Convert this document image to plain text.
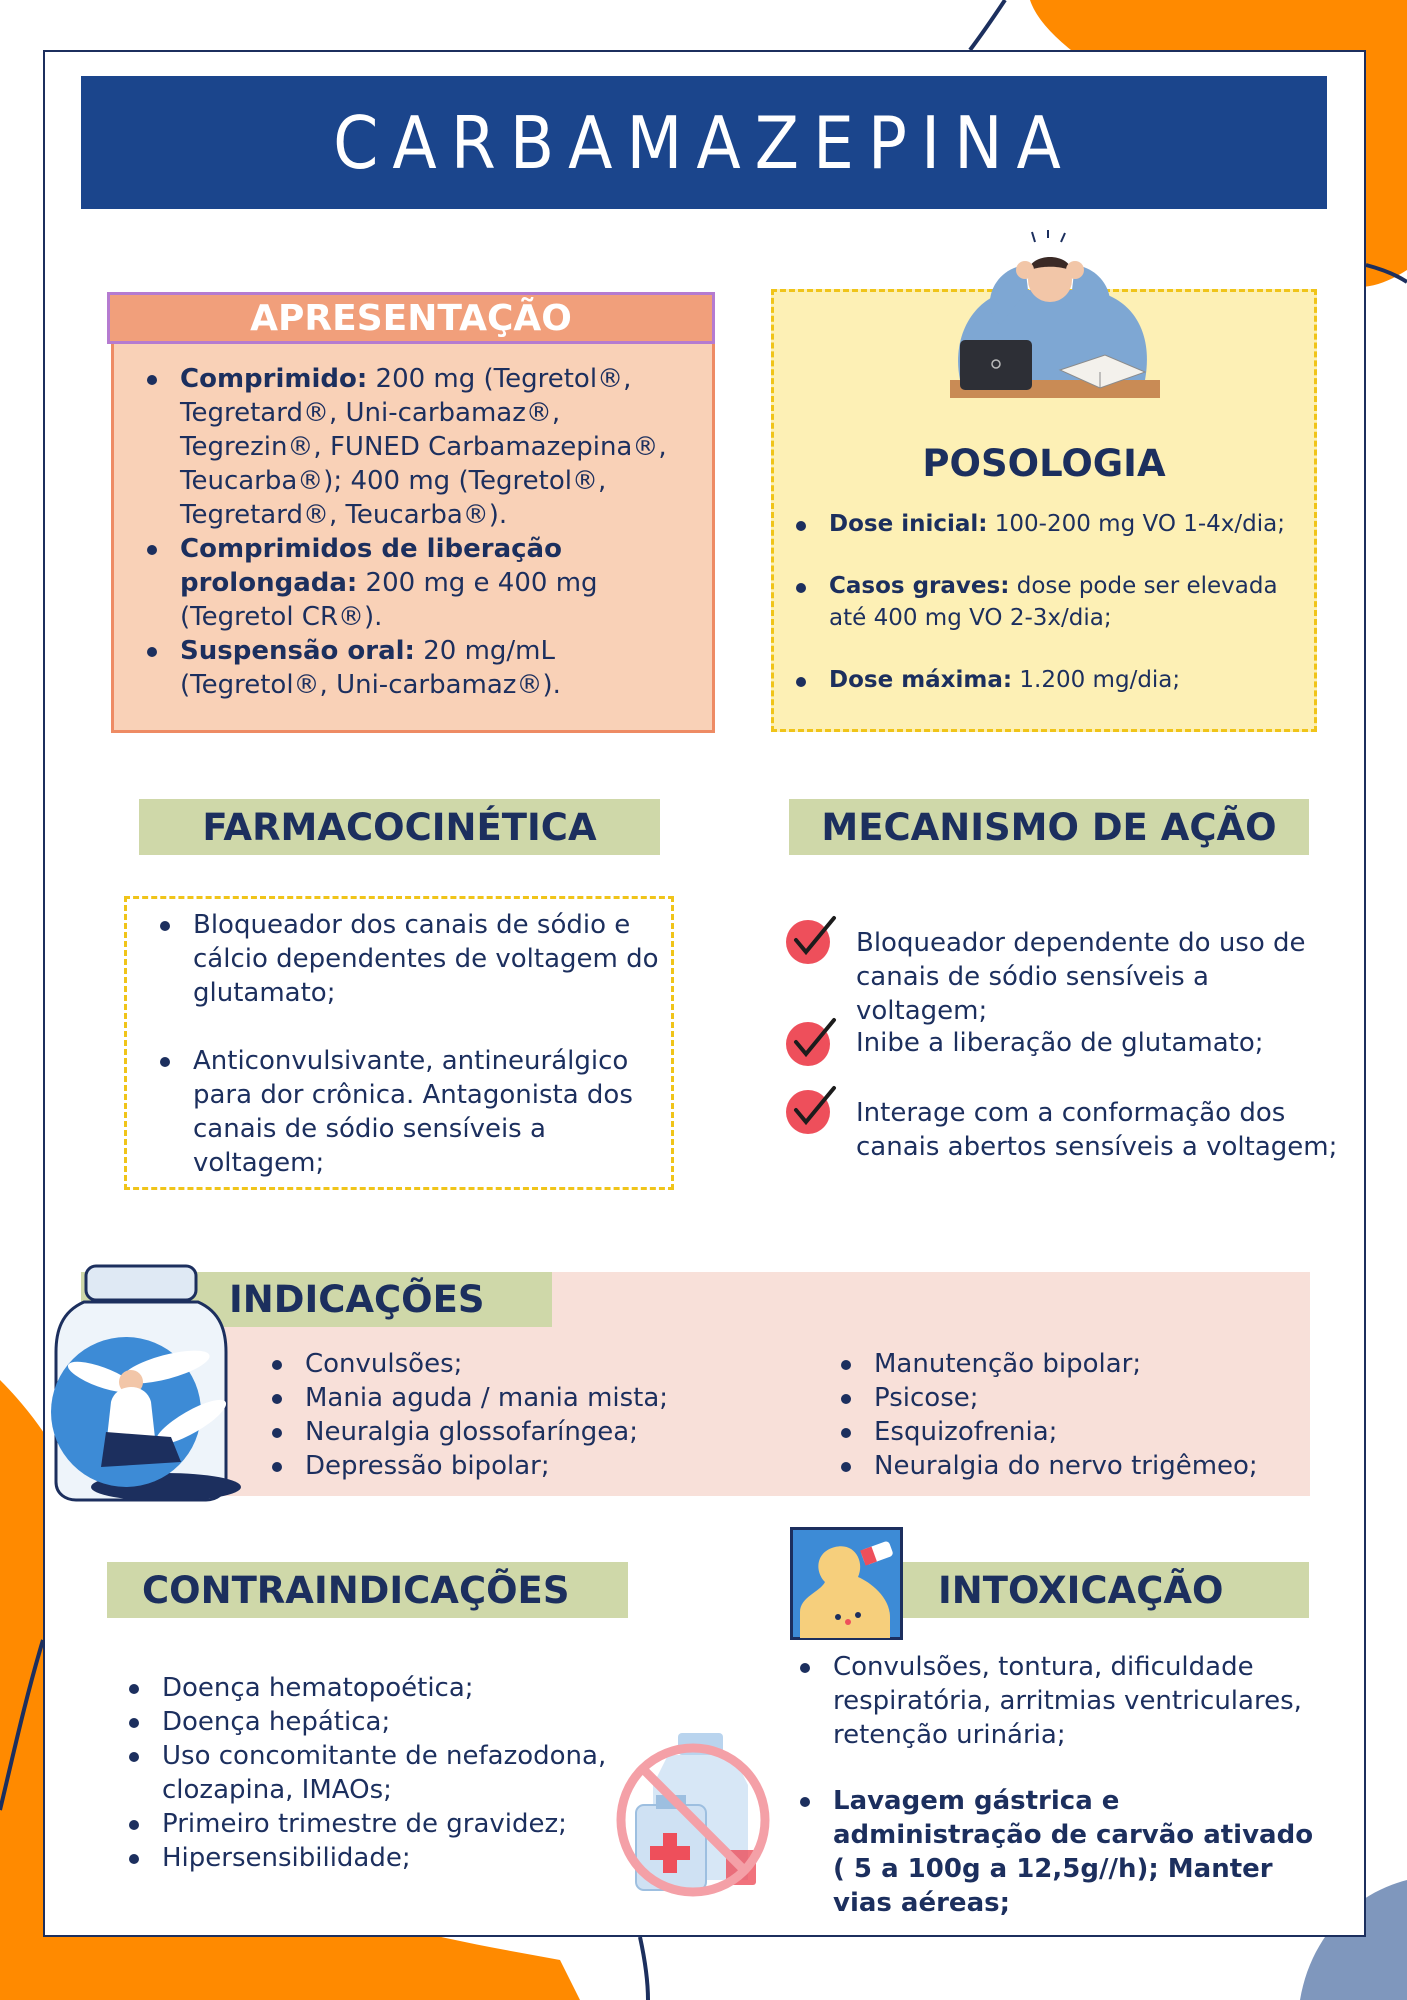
CARBAMAZEPINA
APRESENTAÇÃO
Comprimido: 200 mg (Tegretol®, Tegretard®, Uni-carbamaz®, Tegrezin®, FUNED Carbamazepina®, Teucarba®); 400 mg (Tegretol®, Tegretard®, Teucarba®).
Comprimidos de liberação prolongada: 200 mg e 400 mg (Tegretol CR®).
Suspensão oral: 20 mg/mL (Tegretol®, Uni-carbamaz®).
POSOLOGIA
Dose inicial: 100-200 mg VO 1-4x/dia;
Casos graves: dose pode ser elevada até 400 mg VO 2-3x/dia;
Dose máxima: 1.200 mg/dia;
FARMACOCINÉTICA
Bloqueador dos canais de sódio e cálcio dependentes de voltagem do glutamato;
Anticonvulsivante, antineurálgico para dor crônica. Antagonista dos canais de sódio sensíveis a voltagem;
MECANISMO DE AÇÃO
Bloqueador dependente do uso de canais de sódio sensíveis a voltagem;
Inibe a liberação de glutamato;
Interage com a conformação dos canais abertos sensíveis a voltagem;
INDICAÇÕES
Convulsões;
Mania aguda / mania mista;
Neuralgia glossofaríngea;
Depressão bipolar;
Manutenção bipolar;
Psicose;
Esquizofrenia;
Neuralgia do nervo trigêmeo;
CONTRAINDICAÇÕES
Doença hematopoética;
Doença hepática;
Uso concomitante de nefazodona, clozapina, IMAOs;
Primeiro trimestre de gravidez;
Hipersensibilidade;
INTOXICAÇÃO
Convulsões, tontura, dificuldade respiratória, arritmias ventriculares, retenção urinária;
Lavagem gástrica e administração de carvão ativado ( 5 a 100g a 12,5g//h); Manter vias aéreas;
